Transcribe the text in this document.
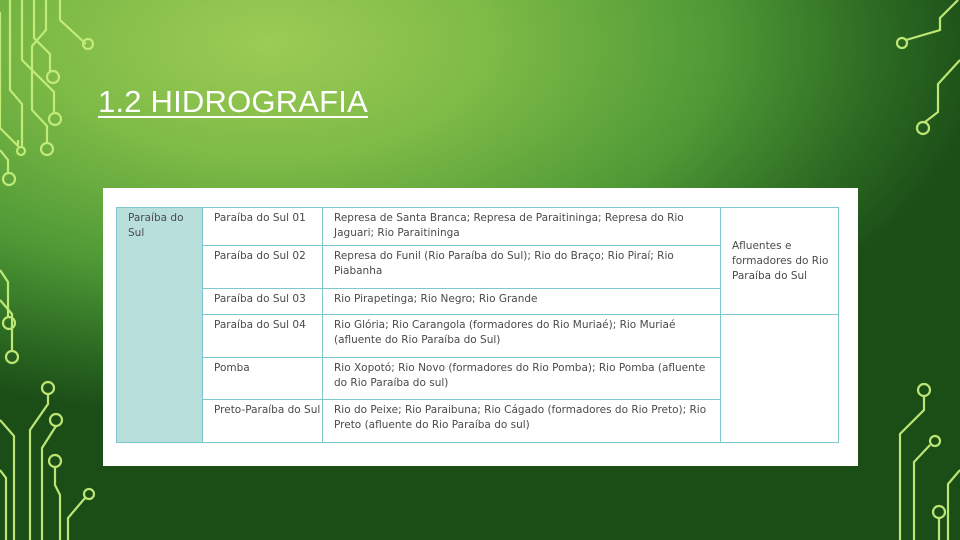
1.2 HIDROGRAFIA
Paraíba do Sul	Paraíba do Sul 01	Represa de Santa Branca; Represa de Paraitininga; Represa do Rio Jaguari; Rio Paraitininga	Afluentes e formadores do Rio Paraíba do Sul
	Paraíba do Sul 02	Represa do Funil (Rio Paraíba do Sul); Rio do Braço; Rio Piraí; Rio Piabanha	
	Paraíba do Sul 03	Rio Pirapetinga; Rio Negro; Rio Grande	
	Paraíba do Sul 04	Rio Glória; Rio Carangola (formadores do Rio Muriaé); Rio Muriaé (afluente do Rio Paraíba do Sul)	
	Pomba	Rio Xopotó; Rio Novo (formadores do Rio Pomba); Rio Pomba (afluente do Rio Paraíba do sul)	
	Preto-Paraíba do Sul	Rio do Peixe; Rio Paraibuna; Rio Cágado (formadores do Rio Preto); Rio Preto (afluente do Rio Paraíba do sul)	
